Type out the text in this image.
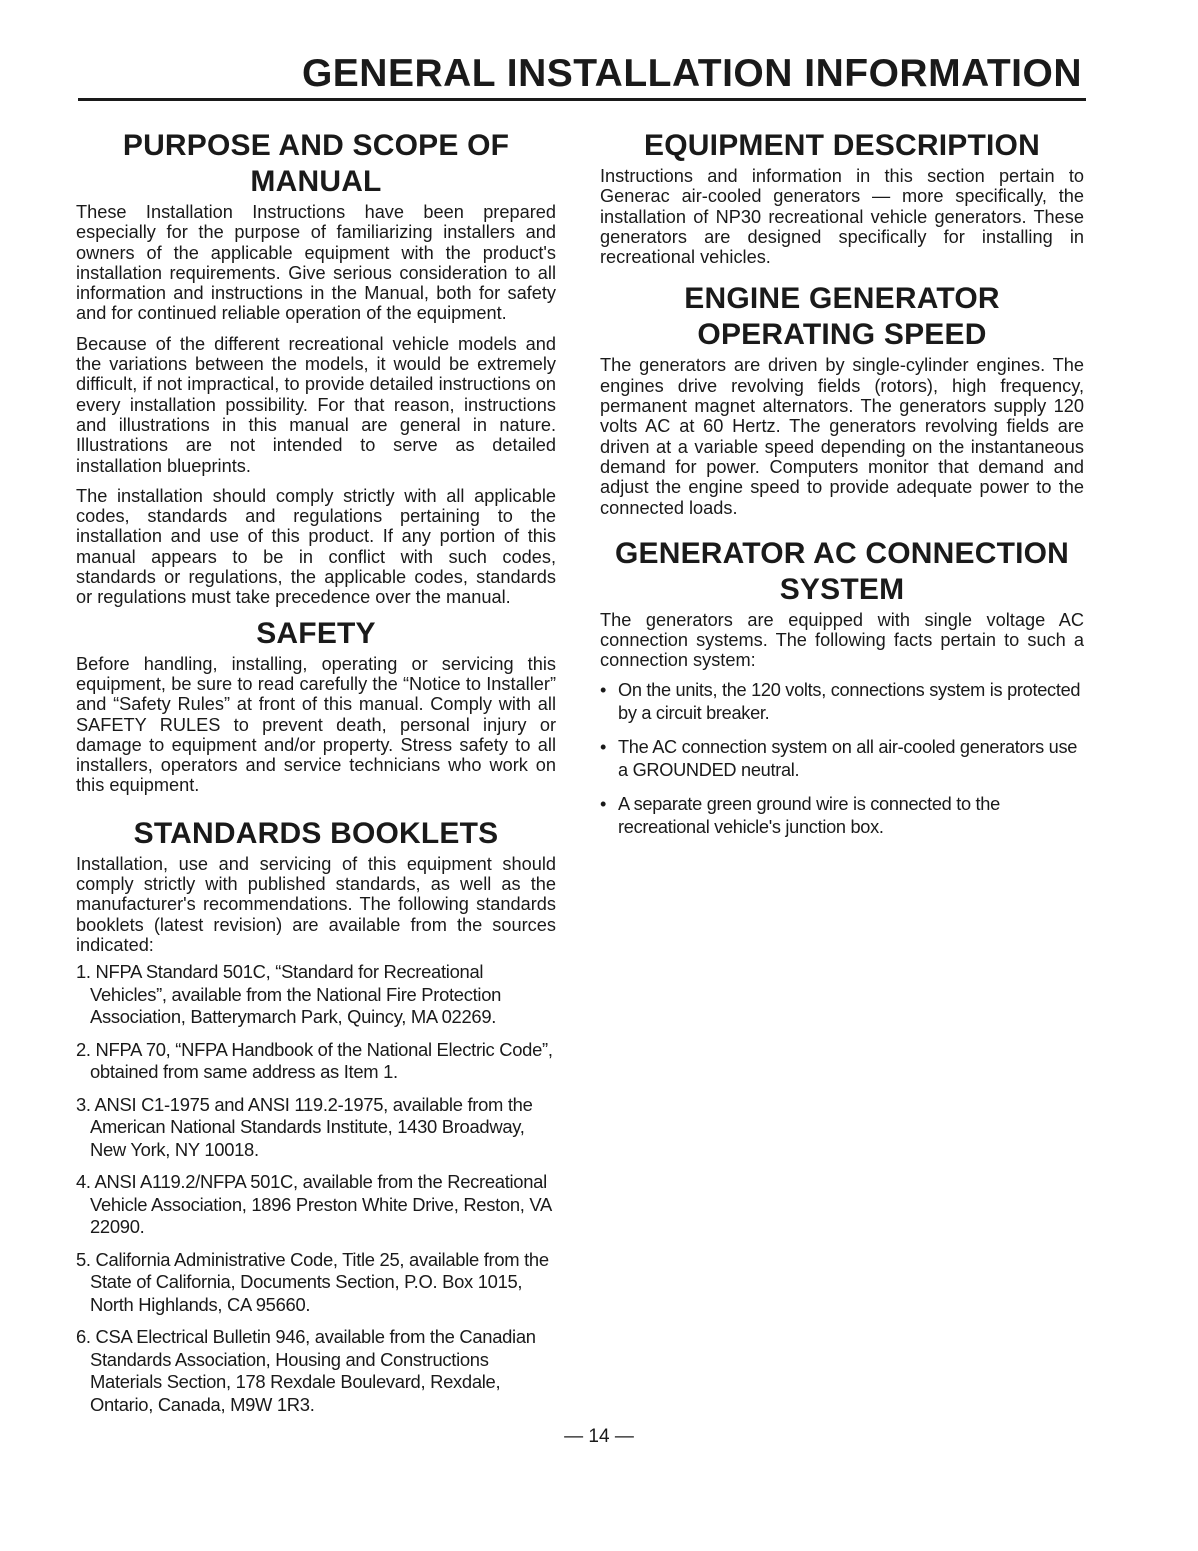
GENERAL INSTALLATION INFORMATION
PURPOSE AND SCOPE OF MANUAL

These Installation Instructions have been prepared especially for the purpose of familiarizing installers and owners of the applicable equipment with the product's installation requirements. Give serious consideration to all information and instructions in the Manual, both for safety and for continued reliable operation of the equipment.

Because of the different recreational vehicle models and the variations between the models, it would be extremely difficult, if not impractical, to provide detailed instructions on every installation possibility. For that reason, instructions and illustrations in this manual are general in nature. Illustrations are not intended to serve as detailed installation blueprints.

The installation should comply strictly with all applicable codes, standards and regulations pertaining to the installation and use of this product. If any portion of this manual appears to be in conflict with such codes, standards or regulations, the applicable codes, standards or regulations must take precedence over the manual.

SAFETY

Before handling, installing, operating or servicing this equipment, be sure to read carefully the “Notice to Installer” and “Safety Rules” at front of this manual. Comply with all SAFETY RULES to prevent death, personal injury or damage to equipment and/or property. Stress safety to all installers, operators and service technicians who work on this equipment.

STANDARDS BOOKLETS

Installation, use and servicing of this equipment should comply strictly with published standards, as well as the manufacturer's recommendations. The following standards booklets (latest revision) are available from the sources indicated:

1. NFPA Standard 501C, “Standard for Recreational Vehicles”, available from the National Fire Protection Association, Batterymarch Park, Quincy, MA 02269.
2. NFPA 70, “NFPA Handbook of the National Electric Code”, obtained from same address as Item 1.
3. ANSI C1-1975 and ANSI 119.2-1975, available from the American National Standards Institute, 1430 Broadway, New York, NY 10018.
4. ANSI A119.2/NFPA 501C, available from the Recreational Vehicle Association, 1896 Preston White Drive, Reston, VA 22090.
5. California Administrative Code, Title 25, available from the State of California, Documents Section, P.O. Box 1015, North Highlands, CA 95660.
6. CSA Electrical Bulletin 946, available from the Canadian Standards Association, Housing and Constructions Materials Section, 178 Rexdale Boulevard, Rexdale, Ontario, Canada, M9W 1R3.
EQUIPMENT DESCRIPTION

Instructions and information in this section pertain to Generac air-cooled generators — more specifically, the installation of NP30 recreational vehicle generators. These generators are designed specifically for installing in recreational vehicles.

ENGINE GENERATOR
OPERATING SPEED

The generators are driven by single-cylinder engines. The engines drive revolving fields (rotors), high frequency, permanent magnet alternators. The generators supply 120 volts AC at 60 Hertz. The generators revolving fields are driven at a variable speed depending on the instantaneous demand for power. Computers monitor that demand and adjust the engine speed to provide adequate power to the connected loads.

GENERATOR AC CONNECTION
SYSTEM

The generators are equipped with single voltage AC connection systems. The following facts pertain to such a connection system:

• On the units, the 120 volts, connections system is protected by a circuit breaker.
• The AC connection system on all air-cooled generators use a GROUNDED neutral.
• A separate green ground wire is connected to the recreational vehicle's junction box.
— 14 —
